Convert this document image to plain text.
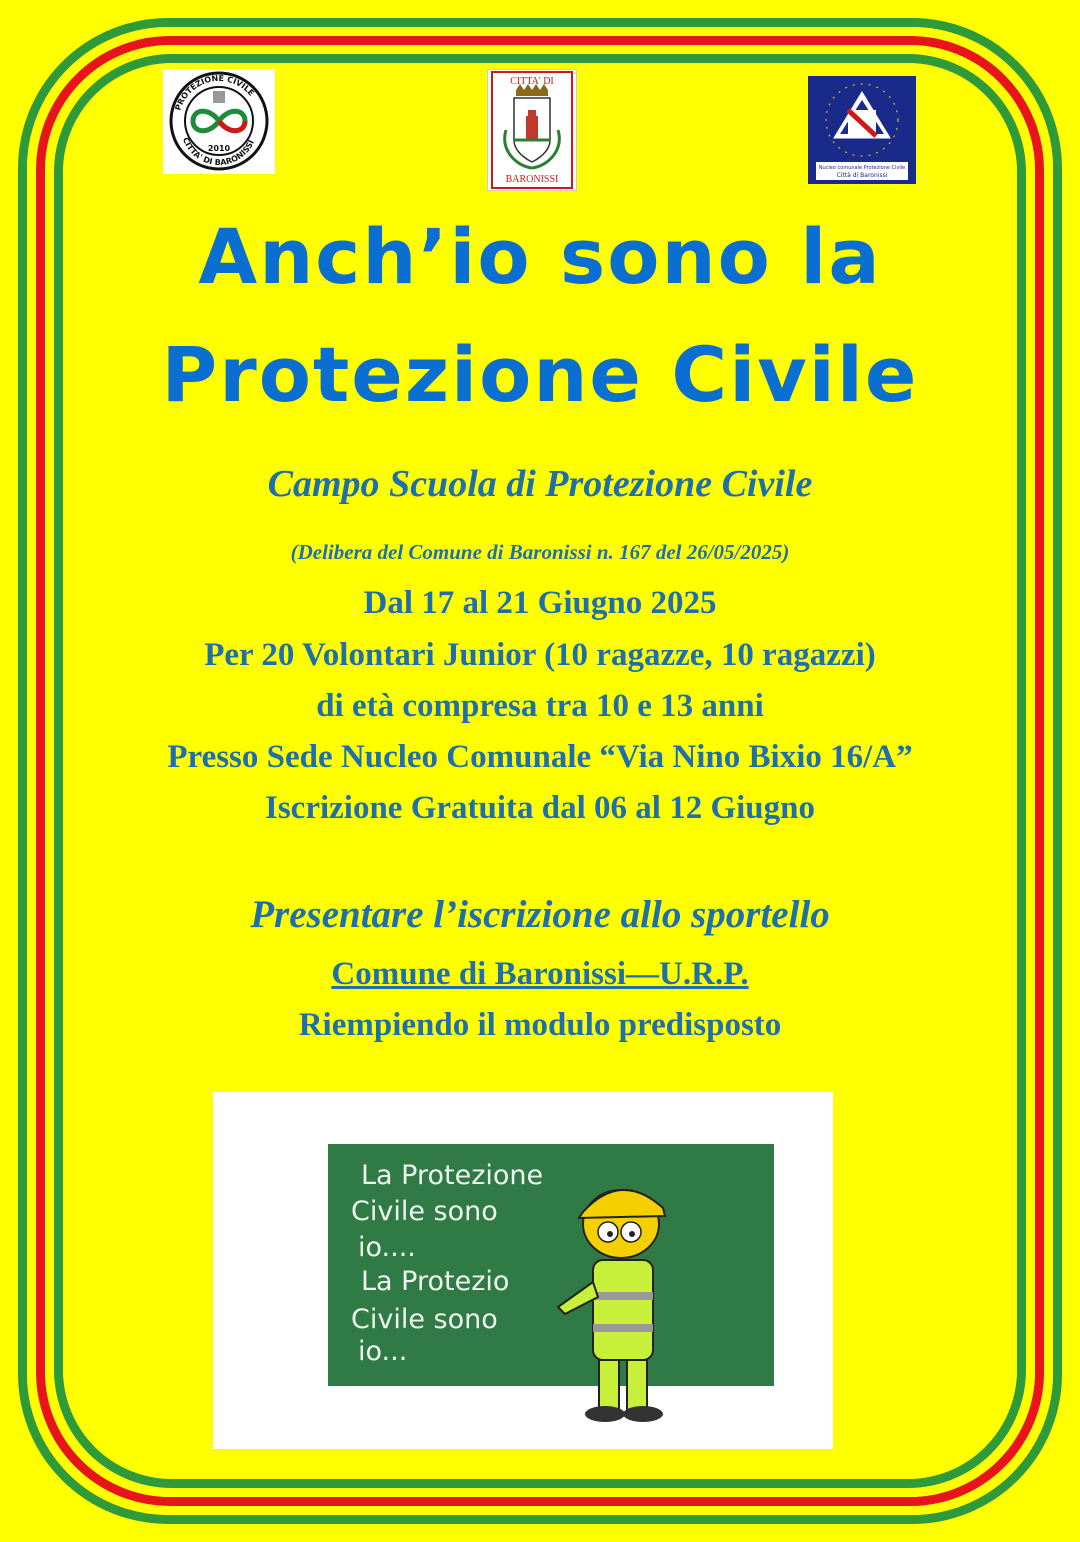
PROTEZIONE CIVILE
CITTA' DI BARONISSI
2010
CITTA' DI
BARONISSI
Nucleo comunale Protezione Civile
Città di Baronissi
Anch’io sono la
Protezione Civile

Campo Scuola di Protezione Civile

(Delibera del Comune di Baronissi n. 167 del 26/05/2025)

Dal 17 al 21 Giugno 2025

Per 20 Volontari Junior (10 ragazze, 10 ragazzi)

di età compresa tra 10 e 13 anni

Presso Sede Nucleo Comunale “Via Nino Bixio 16/A”

Iscrizione Gratuita dal 06 al 12 Giugno

Presentare l’iscrizione allo sportello

Comune di Baronissi—U.R.P.

Riempiendo il modulo predisposto

La Protezione
Civile sono
io....
La Protezio
Civile sono
io...
